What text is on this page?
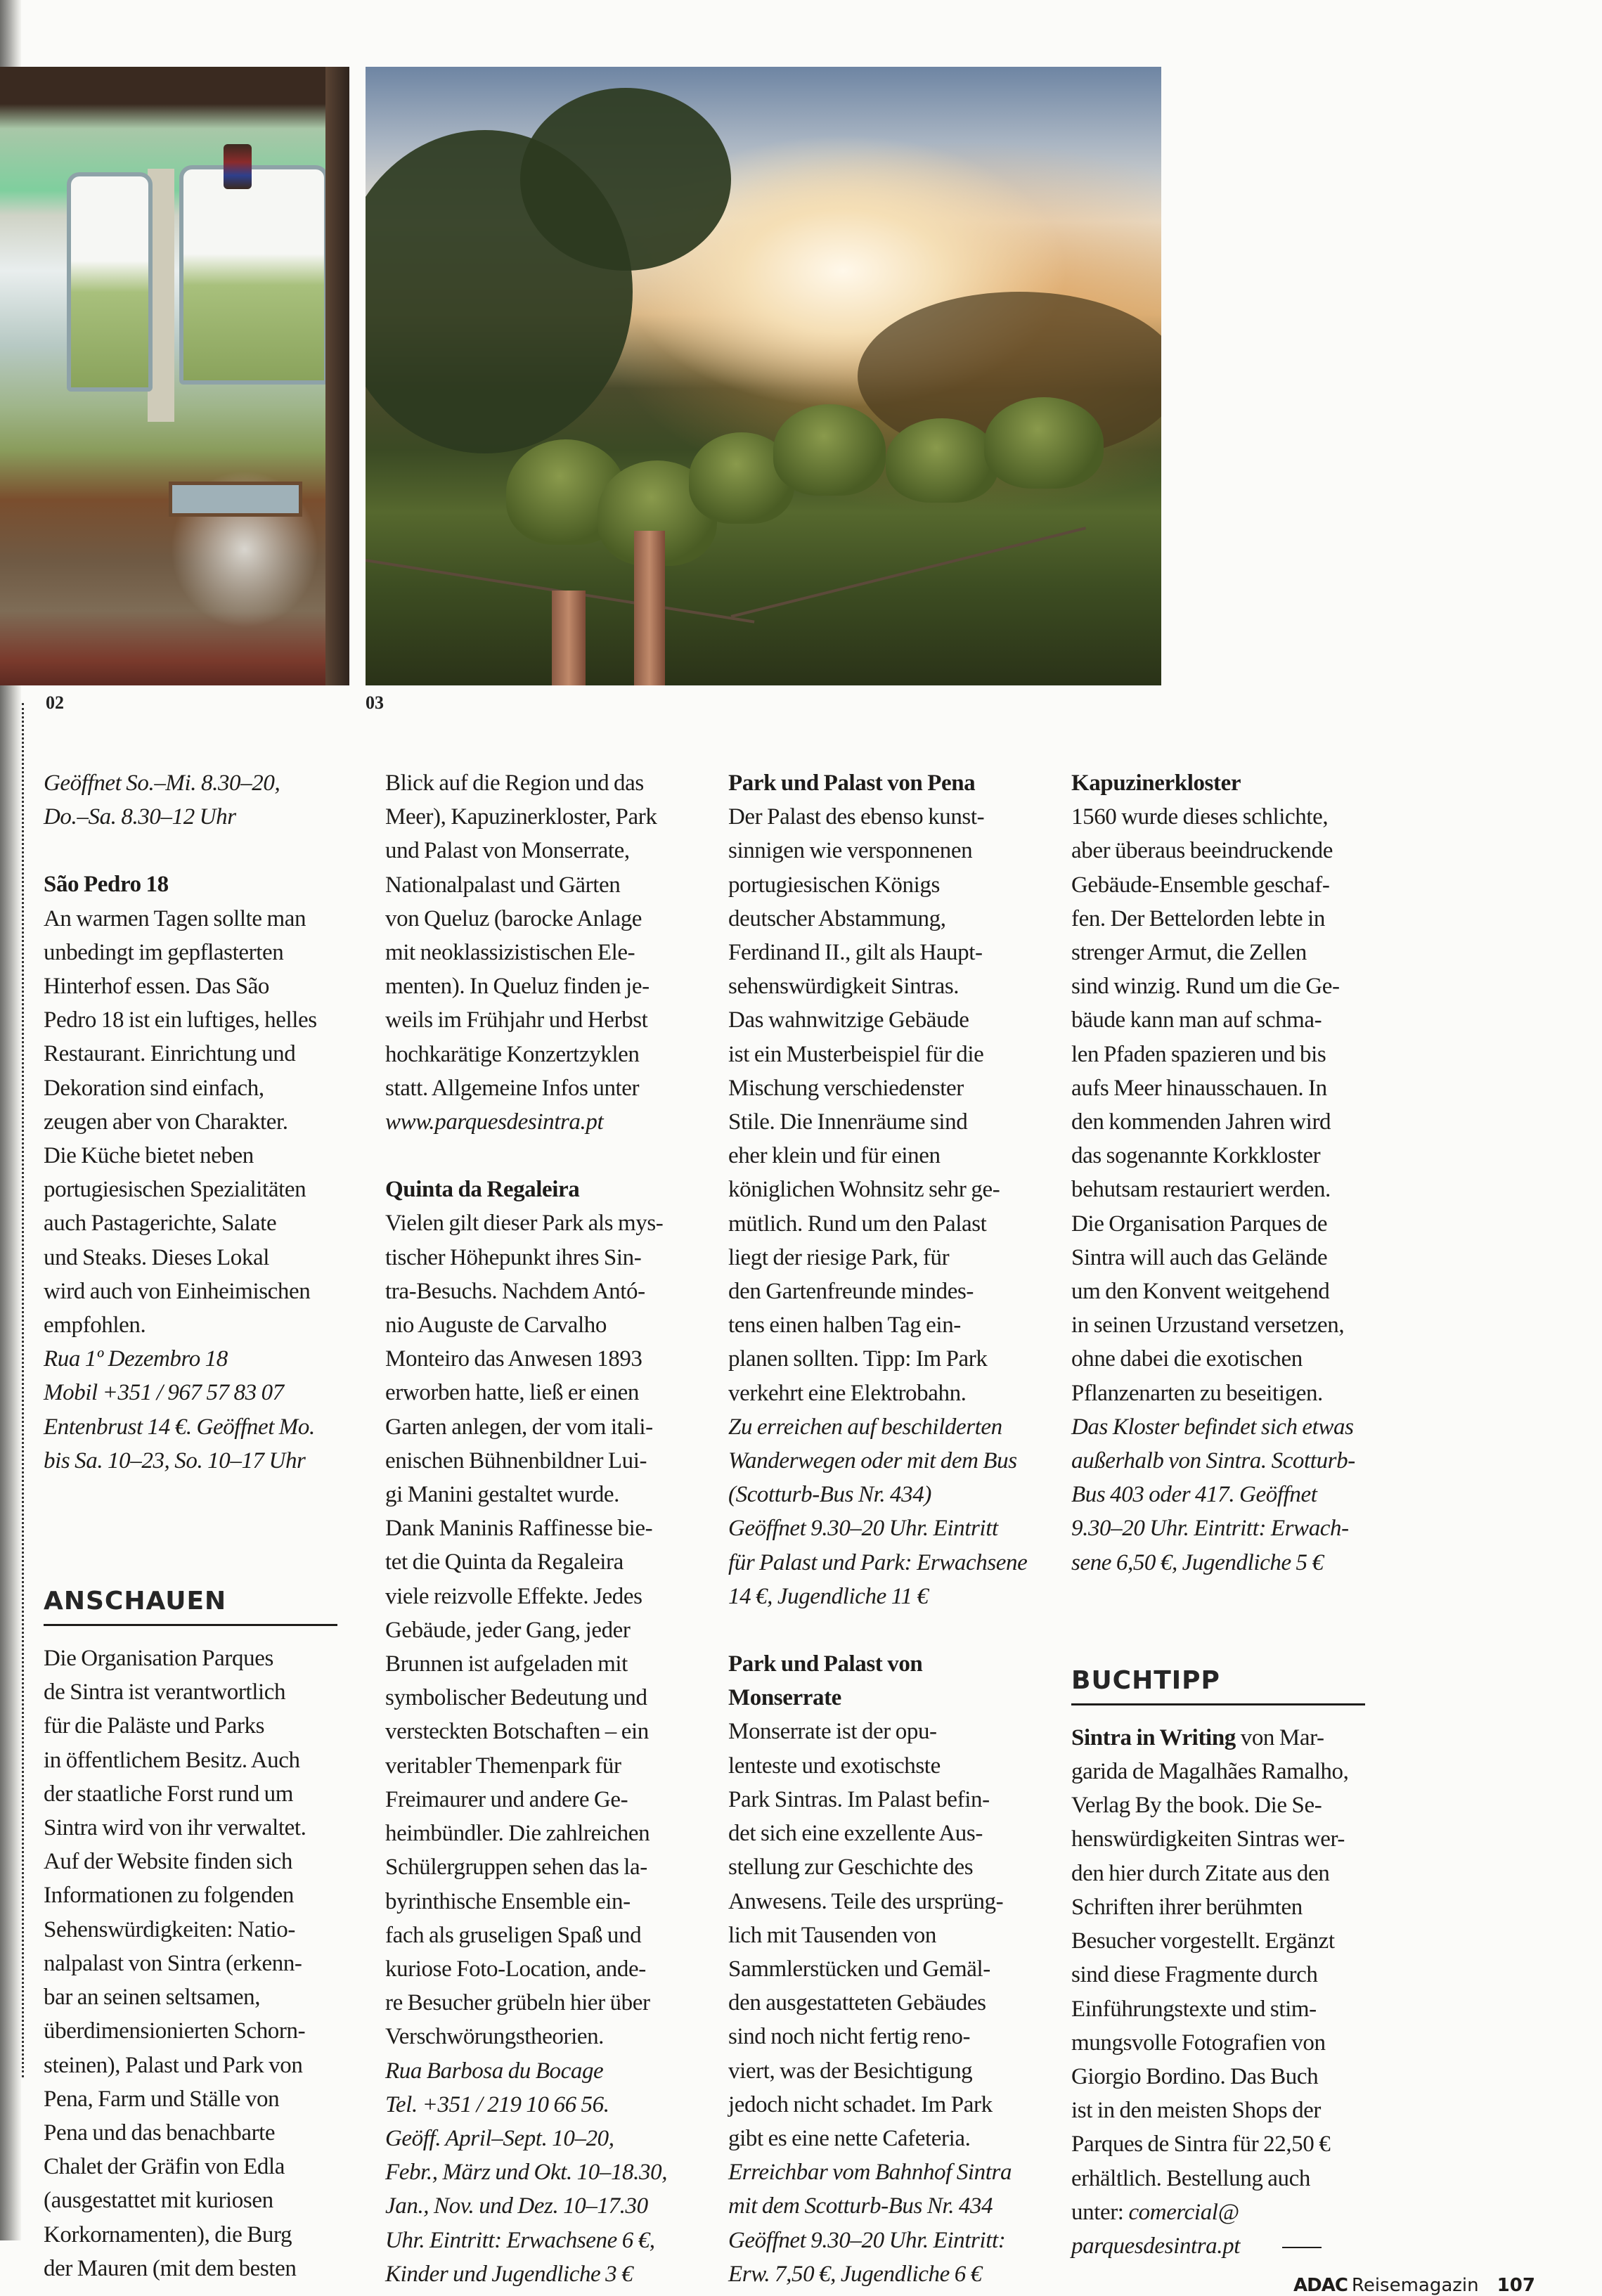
02	03
Geöffnet So.–Mi. 8.30–20,
Do.–Sa. 8.30–12 Uhr
São Pedro 18
An warmen Tagen sollte man
unbedingt im gepflasterten
Hinterhof essen. Das São
Pedro 18 ist ein luftiges, helles
Restaurant. Einrichtung und
Dekoration sind einfach,
zeugen aber von Charakter.
Die Küche bietet neben
portugiesischen Spezialitäten
auch Pastagerichte, Salate
und Steaks. Dieses Lokal
wird auch von Einheimischen
empfohlen.
Rua 1º Dezembro 18
Mobil +351 / 967 57 83 07
Entenbrust 14 €. Geöffnet Mo.
bis Sa. 10–23, So. 10–17 Uhr
ANSCHAUEN
Die Organisation Parques
de Sintra ist verantwortlich
für die Paläste und Parks
in öffentlichem Besitz. Auch
der staatliche Forst rund um
Sintra wird von ihr verwaltet.
Auf der Website finden sich
Informationen zu folgenden
Sehenswürdigkeiten: Natio-
nalpalast von Sintra (erkenn-
bar an seinen seltsamen,
überdimensionierten Schorn-
steinen), Palast und Park von
Pena, Farm und Ställe von
Pena und das benachbarte
Chalet der Gräfin von Edla
(ausgestattet mit kuriosen
Korkornamenten), die Burg
der Mauren (mit dem besten
Blick auf die Region und das
Meer), Kapuzinerkloster, Park
und Palast von Monserrate,
Nationalpalast und Gärten
von Queluz (barocke Anlage
mit neoklassizistischen Ele-
menten). In Queluz finden je-
weils im Frühjahr und Herbst
hochkarätige Konzertzyklen
statt. Allgemeine Infos unter
www.parquesdesintra.pt
Quinta da Regaleira
Vielen gilt dieser Park als mys-
tischer Höhepunkt ihres Sin-
tra-Besuchs. Nachdem Antó-
nio Auguste de Carvalho
Monteiro das Anwesen 1893
erworben hatte, ließ er einen
Garten anlegen, der vom itali-
enischen Bühnenbildner Lui-
gi Manini gestaltet wurde.
Dank Maninis Raffinesse bie-
tet die Quinta da Regaleira
viele reizvolle Effekte. Jedes
Gebäude, jeder Gang, jeder
Brunnen ist aufgeladen mit
symbolischer Bedeutung und
versteckten Botschaften – ein
veritabler Themenpark für
Freimaurer und andere Ge-
heimbündler. Die zahlreichen
Schülergruppen sehen das la-
byrinthische Ensemble ein-
fach als gruseligen Spaß und
kuriose Foto-Location, ande-
re Besucher grübeln hier über
Verschwörungstheorien.
Rua Barbosa du Bocage
Tel. +351 / 219 10 66 56.
Geöff. April–Sept. 10–20,
Febr., März und Okt. 10–18.30,
Jan., Nov. und Dez. 10–17.30
Uhr. Eintritt: Erwachsene 6 €,
Kinder und Jugendliche 3 €
Park und Palast von Pena
Der Palast des ebenso kunst-
sinnigen wie versponnenen
portugiesischen Königs
deutscher Abstammung,
Ferdinand II., gilt als Haupt-
sehenswürdigkeit Sintras.
Das wahnwitzige Gebäude
ist ein Musterbeispiel für die
Mischung verschiedenster
Stile. Die Innenräume sind
eher klein und für einen
königlichen Wohnsitz sehr ge-
mütlich. Rund um den Palast
liegt der riesige Park, für
den Gartenfreunde mindes-
tens einen halben Tag ein-
planen sollten. Tipp: Im Park
verkehrt eine Elektrobahn.
Zu erreichen auf beschilderten
Wanderwegen oder mit dem Bus
(Scotturb-Bus Nr. 434)
Geöffnet 9.30–20 Uhr. Eintritt
für Palast und Park: Erwachsene
14 €, Jugendliche 11 €
Park und Palast von
Monserrate
Monserrate ist der opu-
lenteste und exotischste
Park Sintras. Im Palast befin-
det sich eine exzellente Aus-
stellung zur Geschichte des
Anwesens. Teile des ursprüng-
lich mit Tausenden von
Sammlerstücken und Gemäl-
den ausgestatteten Gebäudes
sind noch nicht fertig reno-
viert, was der Besichtigung
jedoch nicht schadet. Im Park
gibt es eine nette Cafeteria.
Erreichbar vom Bahnhof Sintra
mit dem Scotturb-Bus Nr. 434
Geöffnet 9.30–20 Uhr. Eintritt:
Erw. 7,50 €, Jugendliche 6 €
Kapuzinerkloster
1560 wurde dieses schlichte,
aber überaus beeindruckende
Gebäude-Ensemble geschaf-
fen. Der Bettelorden lebte in
strenger Armut, die Zellen
sind winzig. Rund um die Ge-
bäude kann man auf schma-
len Pfaden spazieren und bis
aufs Meer hinausschauen. In
den kommenden Jahren wird
das sogenannte Korkkloster
behutsam restauriert werden.
Die Organisation Parques de
Sintra will auch das Gelände
um den Konvent weitgehend
in seinen Urzustand versetzen,
ohne dabei die exotischen
Pflanzenarten zu beseitigen.
Das Kloster befindet sich etwas
außerhalb von Sintra. Scotturb-
Bus 403 oder 417. Geöffnet
9.30–20 Uhr. Eintritt: Erwach-
sene 6,50 €, Jugendliche 5 €
BUCHTIPP
Sintra in Writing von Mar-
garida de Magalhães Ramalho,
Verlag By the book. Die Se-
henswürdigkeiten Sintras wer-
den hier durch Zitate aus den
Schriften ihrer berühmten
Besucher vorgestellt. Ergänzt
sind diese Fragmente durch
Einführungstexte und stim-
mungsvolle Fotografien von
Giorgio Bordino. Das Buch
ist in den meisten Shops der
Parques de Sintra für 22,50 €
erhältlich. Bestellung auch
unter: comercial@
parquesdesintra.pt
ADAC Reisemagazin 107
